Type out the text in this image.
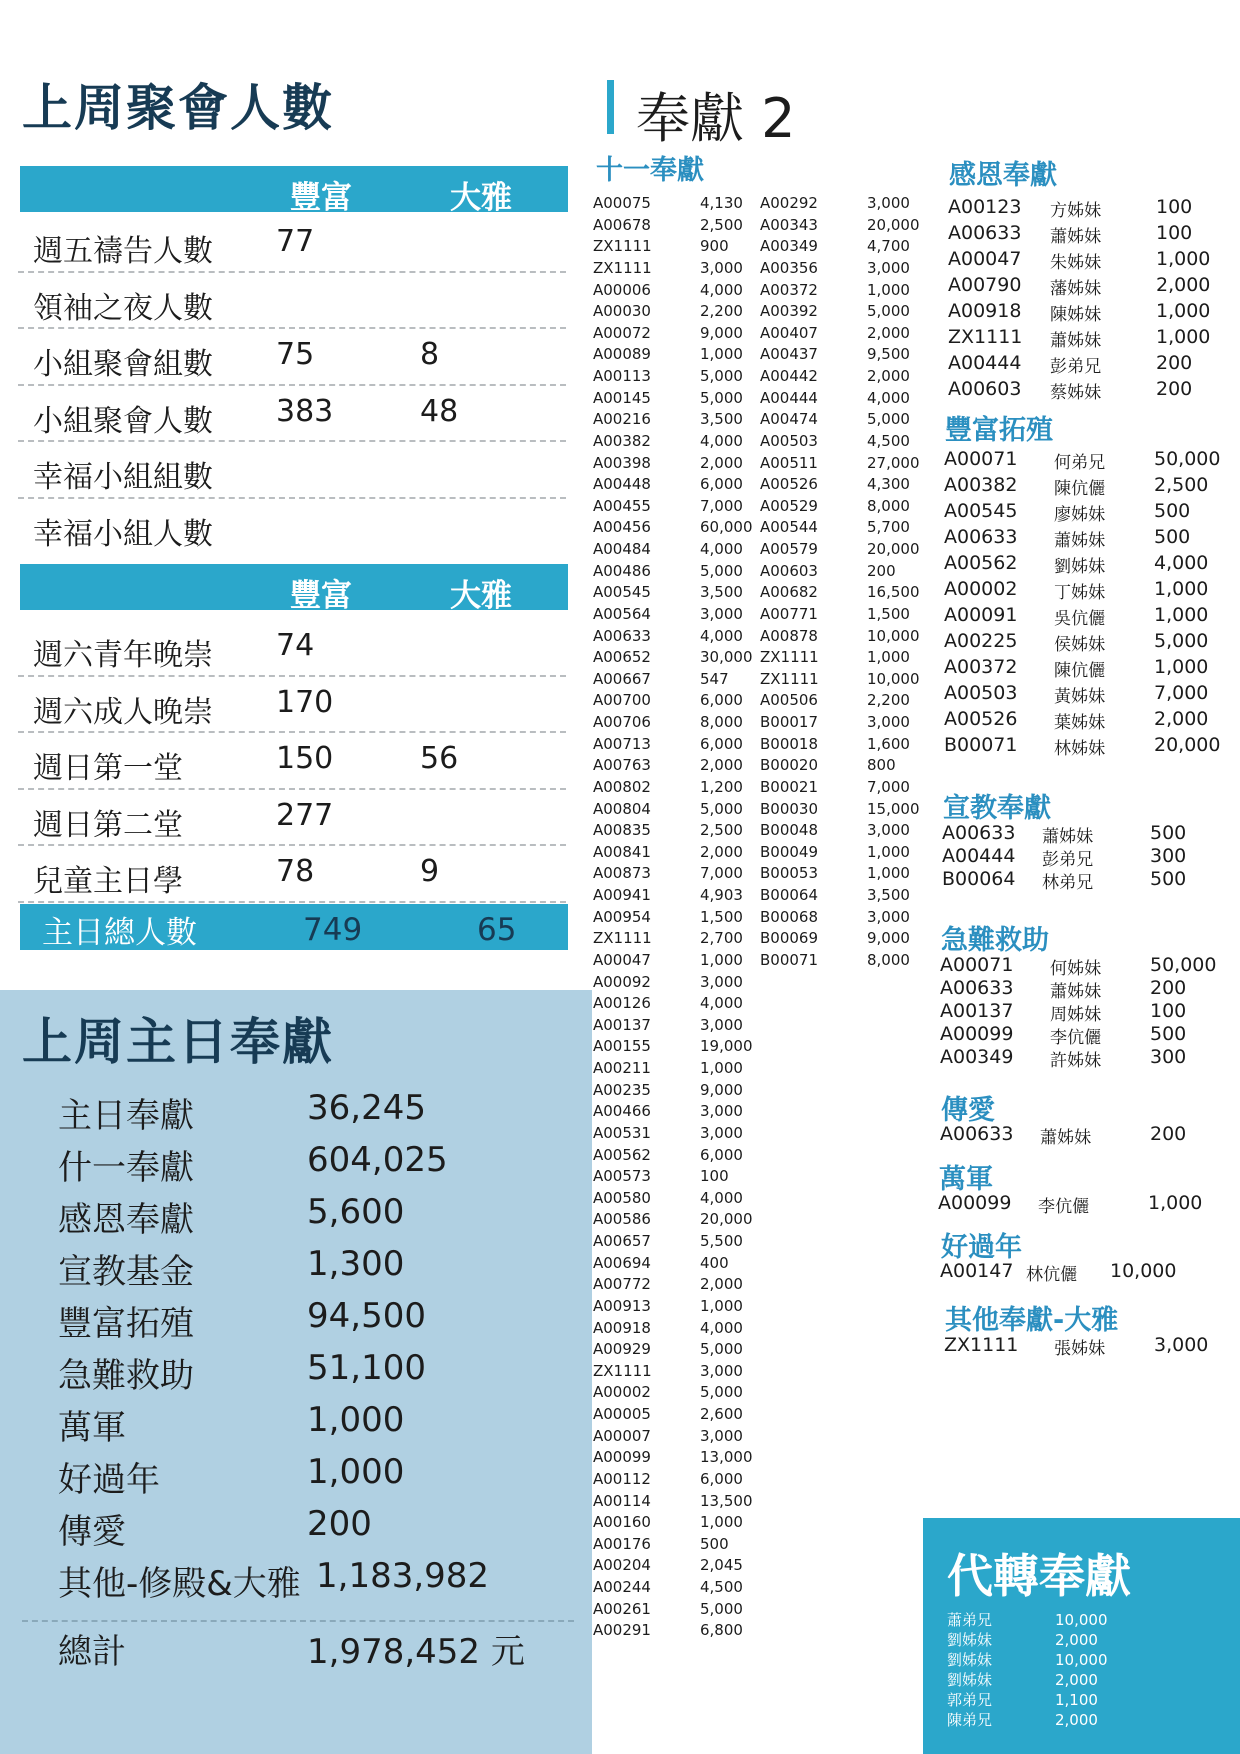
上周聚會人數
豐富	大雅
週五禱告人數 77
領袖之夜人數
小組聚會組數 75	8
小組聚會人數 383	48
幸福小組組數
幸福小組人數
豐富	大雅
週六青年晚崇 74
週六成人晚崇 170
週日第一堂	150	56
週日第二堂	277
兒童主日學	78	9
主日總人數	749	65
上周主日奉獻
主日奉獻	36,245
什一奉獻	604,025
感恩奉獻	5,600
宣教基金	1,300
豐富拓殖	94,500
急難救助	51,100
萬軍	1,000
好過年	1,000
傳愛	200
其他-修殿&大雅 1,183,982
總計	1,978,452 元
奉獻 2
十一奉獻
A00075	4,130
A00678	2,500
ZX1111	900
ZX1111	3,000
A00006	4,000
A00030	2,200
A00072	9,000
A00089	1,000
A00113	5,000
A00145	5,000
A00216	3,500
A00382	4,000
A00398	2,000
A00448	6,000
A00455	7,000
A00456	60,000
A00484	4,000
A00486	5,000
A00545	3,500
A00564	3,000
A00633	4,000
A00652	30,000
A00667	547
A00700	6,000
A00706	8,000
A00713	6,000
A00763	2,000
A00802	1,200
A00804	5,000
A00835	2,500
A00841	2,000
A00873	7,000
A00941	4,903
A00954	1,500
ZX1111	2,700
A00047	1,000
A00092	3,000
A00126	4,000
A00137	3,000
A00155	19,000
A00211	1,000
A00235	9,000
A00466	3,000
A00531	3,000
A00562	6,000
A00573	100
A00580	4,000
A00586	20,000
A00657	5,500
A00694	400
A00772	2,000
A00913	1,000
A00918	4,000
A00929	5,000
ZX1111	3,000
A00002	5,000
A00005	2,600
A00007	3,000
A00099	13,000
A00112	6,000
A00114	13,500
A00160	1,000
A00176	500
A00204	2,045
A00244	4,500
A00261	5,000
A00291	6,800
A00292	3,000
A00343	20,000
A00349	4,700
A00356	3,000
A00372	1,000
A00392	5,000
A00407	2,000
A00437	9,500
A00442	2,000
A00444	4,000
A00474	5,000
A00503	4,500
A00511	27,000
A00526	4,300
A00529	8,000
A00544	5,700
A00579	20,000
A00603	200
A00682	16,500
A00771	1,500
A00878	10,000
ZX1111	1,000
ZX1111	10,000
A00506	2,200
B00017	3,000
B00018	1,600
B00020	800
B00021	7,000
B00030	15,000
B00048	3,000
B00049	1,000
B00053	1,000
B00064	3,500
B00068	3,000
B00069	9,000
B00071	8,000
感恩奉獻
A00123 方姊妹	100
A00633 蕭姊妹	100
A00047 朱姊妹	1,000
A00790 藩姊妹	2,000
A00918 陳姊妹	1,000
ZX1111 蕭姊妹	1,000
A00444 彭弟兄	200
A00603 蔡姊妹	200
豐富拓殖
A00071 何弟兄	50,000
A00382 陳伉儷	2,500
A00545 廖姊妹	500
A00633 蕭姊妹	500
A00562 劉姊妹	4,000
A00002 丁姊妹	1,000
A00091 吳伉儷	1,000
A00225 侯姊妹	5,000
A00372 陳伉儷	1,000
A00503 黃姊妹	7,000
A00526 葉姊妹	2,000
B00071 林姊妹	20,000
宣教奉獻
A00633 蕭姊妹	500
A00444 彭弟兄	300
B00064 林弟兄	500
急難救助
A00071 何姊妹	50,000
A00633 蕭姊妹	200
A00137 周姊妹	100
A00099 李伉儷	500
A00349 許姊妹	300
傳愛
A00633 蕭姊妹	200
萬軍
A00099 李伉儷	1,000
好過年
A00147 林伉儷 10,000
其他奉獻-大雅
ZX1111 張姊妹	3,000
代轉奉獻
蕭弟兄	10,000
劉姊妹	2,000
劉姊妹	10,000
劉姊妹	2,000
郭弟兄	1,100
陳弟兄	2,000
